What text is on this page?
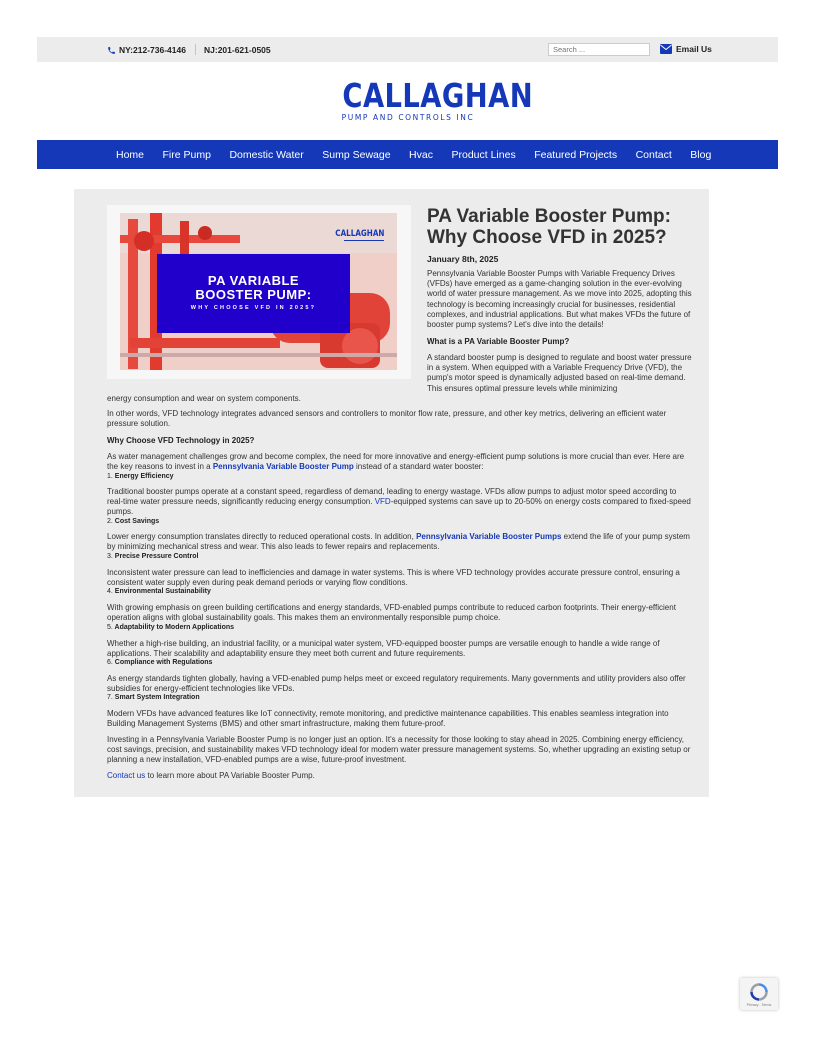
NY:212-736-4146 NJ:201-621-0505
Search ...	Email Us
CALLAGHAN
PUMP AND CONTROLS INC
Home Fire Pump Domestic Water Sump Sewage Hvac Product Lines Featured Projects Contact Blog
CALLAGHAN
PA VARIABLE
BOOSTER PUMP:
WHY CHOOSE VFD IN 2025?
PA Variable Booster Pump: Why Choose VFD in 2025?
January 8th, 2025

Pennsylvania Variable Booster Pumps with Variable Frequency Drives (VFDs) have emerged as a game-changing solution in the ever-evolving world of water pressure management. As we move into 2025, adopting this technology is becoming increasingly crucial for businesses, residential complexes, and industrial applications. But what makes VFDs the future of booster pump systems? Let's dive into the details!

What is a PA Variable Booster Pump?

A standard booster pump is designed to regulate and boost water pressure in a system. When equipped with a Variable Frequency Drive (VFD), the pump's motor speed is dynamically adjusted based on real-time demand. This ensures optimal pressure levels while minimizing

energy consumption and wear on system components.

In other words, VFD technology integrates advanced sensors and controllers to monitor flow rate, pressure, and other key metrics, delivering an efficient water pressure solution.

Why Choose VFD Technology in 2025?

As water management challenges grow and become complex, the need for more innovative and energy-efficient pump solutions is more crucial than ever. Here are the key reasons to invest in a Pennsylvania Variable Booster Pump instead of a standard water booster:

1. Energy Efficiency

Traditional booster pumps operate at a constant speed, regardless of demand, leading to energy wastage. VFDs allow pumps to adjust motor speed according to real-time water pressure needs, significantly reducing energy consumption. VFD-equipped systems can save up to 20-50% on energy costs compared to fixed-speed pumps.

2. Cost Savings

Lower energy consumption translates directly to reduced operational costs. In addition, Pennsylvania Variable Booster Pumps extend the life of your pump system by minimizing mechanical stress and wear. This also leads to fewer repairs and replacements.

3. Precise Pressure Control

Inconsistent water pressure can lead to inefficiencies and damage in water systems. This is where VFD technology provides accurate pressure control, ensuring a consistent water supply even during peak demand periods or varying flow conditions.

4. Environmental Sustainability

With growing emphasis on green building certifications and energy standards, VFD-enabled pumps contribute to reduced carbon footprints. Their energy-efficient operation aligns with global sustainability goals. This makes them an environmentally responsible pump choice.

5. Adaptability to Modern Applications

Whether a high-rise building, an industrial facility, or a municipal water system, VFD-equipped booster pumps are versatile enough to handle a wide range of applications. Their scalability and adaptability ensure they meet both current and future requirements.

6. Compliance with Regulations

As energy standards tighten globally, having a VFD-enabled pump helps meet or exceed regulatory requirements. Many governments and utility providers also offer subsidies for energy-efficient technologies like VFDs.

7. Smart System Integration

Modern VFDs have advanced features like IoT connectivity, remote monitoring, and predictive maintenance capabilities. This enables seamless integration into Building Management Systems (BMS) and other smart infrastructure, making them future-proof.

Investing in a Pennsylvania Variable Booster Pump is no longer just an option. It's a necessity for those looking to stay ahead in 2025. Combining energy efficiency, cost savings, precision, and sustainability makes VFD technology ideal for modern water pressure management systems. So, whether upgrading an existing setup or planning a new installation, VFD-enabled pumps are a wise, future-proof investment.

Contact us to learn more about PA Variable Booster Pump.

Privacy - Terms
